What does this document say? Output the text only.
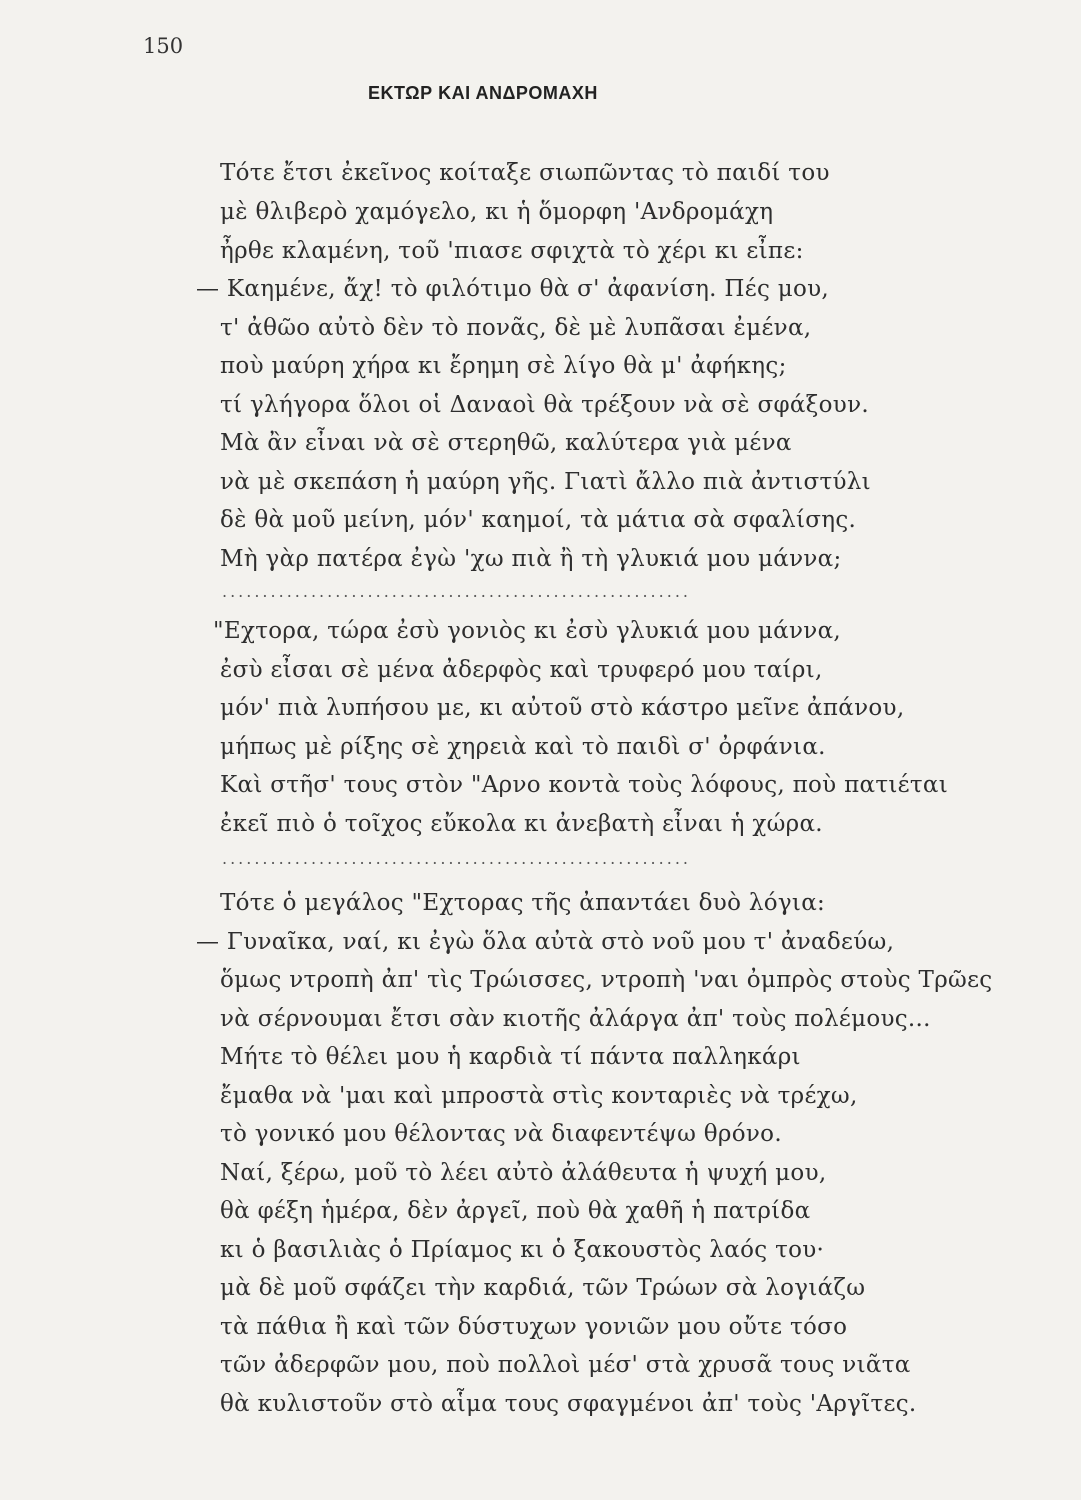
150
ΕΚΤΩΡ ΚΑΙ ΑΝΔΡΟΜΑΧΗ
Τότε ἔτσι ἐκεῖνος κοίταξε σιωπῶντας τὸ παιδί του
μὲ θλιβερὸ χαμόγελο, κι ἡ ὅμορφη 'Ανδρομάχη
ἦρθε κλαμένη, τοῦ 'πιασε σφιχτὰ τὸ χέρι κι εἶπε:
— Καημένε, ἄχ! τὸ φιλότιμο θὰ σ' ἀφανίση. Πές μου,
τ' ἀθῶο αὐτὸ δὲν τὸ πονᾶς, δὲ μὲ λυπᾶσαι ἐμένα,
ποὺ μαύρη χήρα κι ἔρημη σὲ λίγο θὰ μ' ἀφήκης;
τί γλήγορα ὅλοι οἱ Δαναοὶ θὰ τρέξουν νὰ σὲ σφάξουν.
Μὰ ἂν εἶναι νὰ σὲ στερηθῶ, καλύτερα γιὰ μένα
νὰ μὲ σκεπάση ἡ μαύρη γῆς. Γιατὶ ἄλλο πιὰ ἀντιστύλι
δὲ θὰ μοῦ μείνη, μόν' καημοί, τὰ μάτια σὰ σφαλίσης.
Μὴ γὰρ πατέρα ἐγὼ 'χω πιὰ ἢ τὴ γλυκιά μου μάννα;
..........................................................
"Εχτορα, τώρα ἐσὺ γονιὸς κι ἐσὺ γλυκιά μου μάννα,
ἐσὺ εἶσαι σὲ μένα ἀδερφὸς καὶ τρυφερό μου ταίρι,
μόν' πιὰ λυπήσου με, κι αὐτοῦ στὸ κάστρο μεῖνε ἀπάνου,
μήπως μὲ ρίξης σὲ χηρειὰ καὶ τὸ παιδὶ σ' ὀρφάνια.
Καὶ στῆσ' τους στὸν "Αρνο κοντὰ τοὺς λόφους, ποὺ πατιέται
ἐκεῖ πιὸ ὁ τοῖχος εὔκολα κι ἀνεβατὴ εἶναι ἡ χώρα.
..........................................................
Τότε ὁ μεγάλος "Εχτορας τῆς ἀπαντάει δυὸ λόγια:
— Γυναῖκα, ναί, κι ἐγὼ ὅλα αὐτὰ στὸ νοῦ μου τ' ἀναδεύω,
ὅμως ντροπὴ ἀπ' τὶς Τρώισσες, ντροπὴ 'ναι ὀμπρὸς στοὺς Τρῶες
νὰ σέρνουμαι ἔτσι σὰν κιοτῆς ἀλάργα ἀπ' τοὺς πολέμους...
Μήτε τὸ θέλει μου ἡ καρδιὰ τί πάντα παλληκάρι
ἔμαθα νὰ 'μαι καὶ μπροστὰ στὶς κονταριὲς νὰ τρέχω,
τὸ γονικό μου θέλοντας νὰ διαφεντέψω θρόνο.
Ναί, ξέρω, μοῦ τὸ λέει αὐτὸ ἀλάθευτα ἡ ψυχή μου,
θὰ φέξη ἡμέρα, δὲν ἀργεῖ, ποὺ θὰ χαθῆ ἡ πατρίδα
κι ὁ βασιλιὰς ὁ Πρίαμος κι ὁ ξακουστὸς λαός του·
μὰ δὲ μοῦ σφάζει τὴν καρδιά, τῶν Τρώων σὰ λογιάζω
τὰ πάθια ἢ καὶ τῶν δύστυχων γονιῶν μου οὔτε τόσο
τῶν ἀδερφῶν μου, ποὺ πολλοὶ μέσ' στὰ χρυσᾶ τους νιᾶτα
θὰ κυλιστοῦν στὸ αἷμα τους σφαγμένοι ἀπ' τοὺς 'Αργῖτες.
